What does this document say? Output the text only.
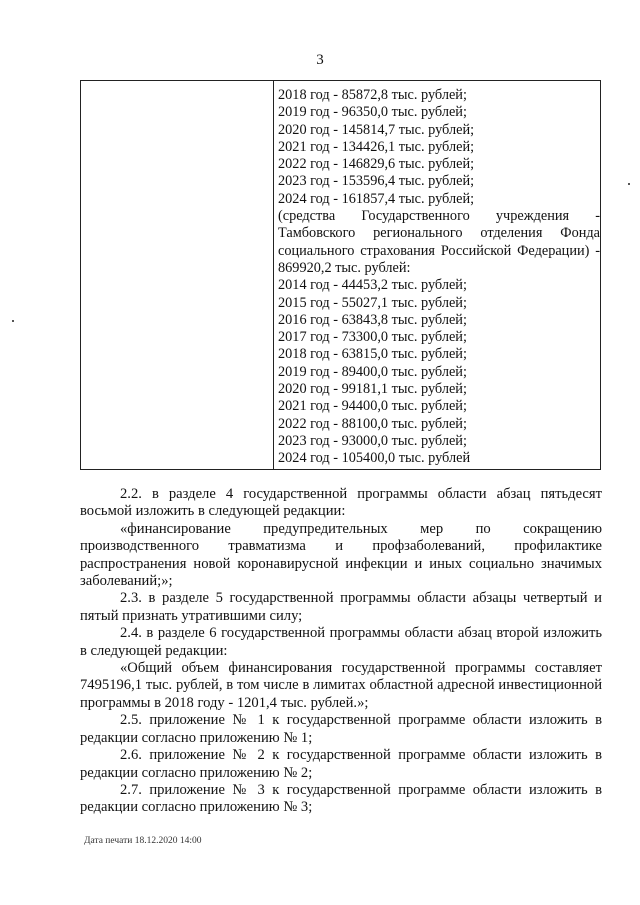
3
2018 год - 85872,8 тыс. рублей;
2019 год - 96350,0 тыс. рублей;
2020 год - 145814,7 тыс. рублей;
2021 год - 134426,1 тыс. рублей;
2022 год - 146829,6 тыс. рублей;
2023 год - 153596,4 тыс. рублей;
2024 год - 161857,4 тыс. рублей;
(средства Государственного учреждения - Тамбовского регионального отделения Фонда социального страхования Российской Федерации) - 869920,2 тыс. рублей:
2014 год - 44453,2 тыс. рублей;
2015 год - 55027,1 тыс. рублей;
2016 год - 63843,8 тыс. рублей;
2017 год - 73300,0 тыс. рублей;
2018 год - 63815,0 тыс. рублей;
2019 год - 89400,0 тыс. рублей;
2020 год - 99181,1 тыс. рублей;
2021 год - 94400,0 тыс. рублей;
2022 год - 88100,0 тыс. рублей;
2023 год - 93000,0 тыс. рублей;
2024 год - 105400,0 тыс. рублей

2.2. в разделе 4 государственной программы области абзац пятьдесят восьмой изложить в следующей редакции:

«финансирование предупредительных мер по сокращению производственного травматизма и профзаболеваний, профилактике распространения новой коронавирусной инфекции и иных социально значимых заболеваний;»;

2.3. в разделе 5 государственной программы области абзацы четвертый и пятый признать утратившими силу;

2.4. в разделе 6 государственной программы области абзац второй изложить в следующей редакции:

«Общий объем финансирования государственной программы составляет 7495196,1 тыс. рублей, в том числе в лимитах областной адресной инвестиционной программы в 2018 году - 1201,4 тыс. рублей.»;

2.5. приложение № 1 к государственной программе области изложить в редакции согласно приложению № 1;

2.6. приложение № 2 к государственной программе области изложить в редакции согласно приложению № 2;

2.7. приложение № 3 к государственной программе области изложить в редакции согласно приложению № 3;

Дата печати 18.12.2020 14:00
